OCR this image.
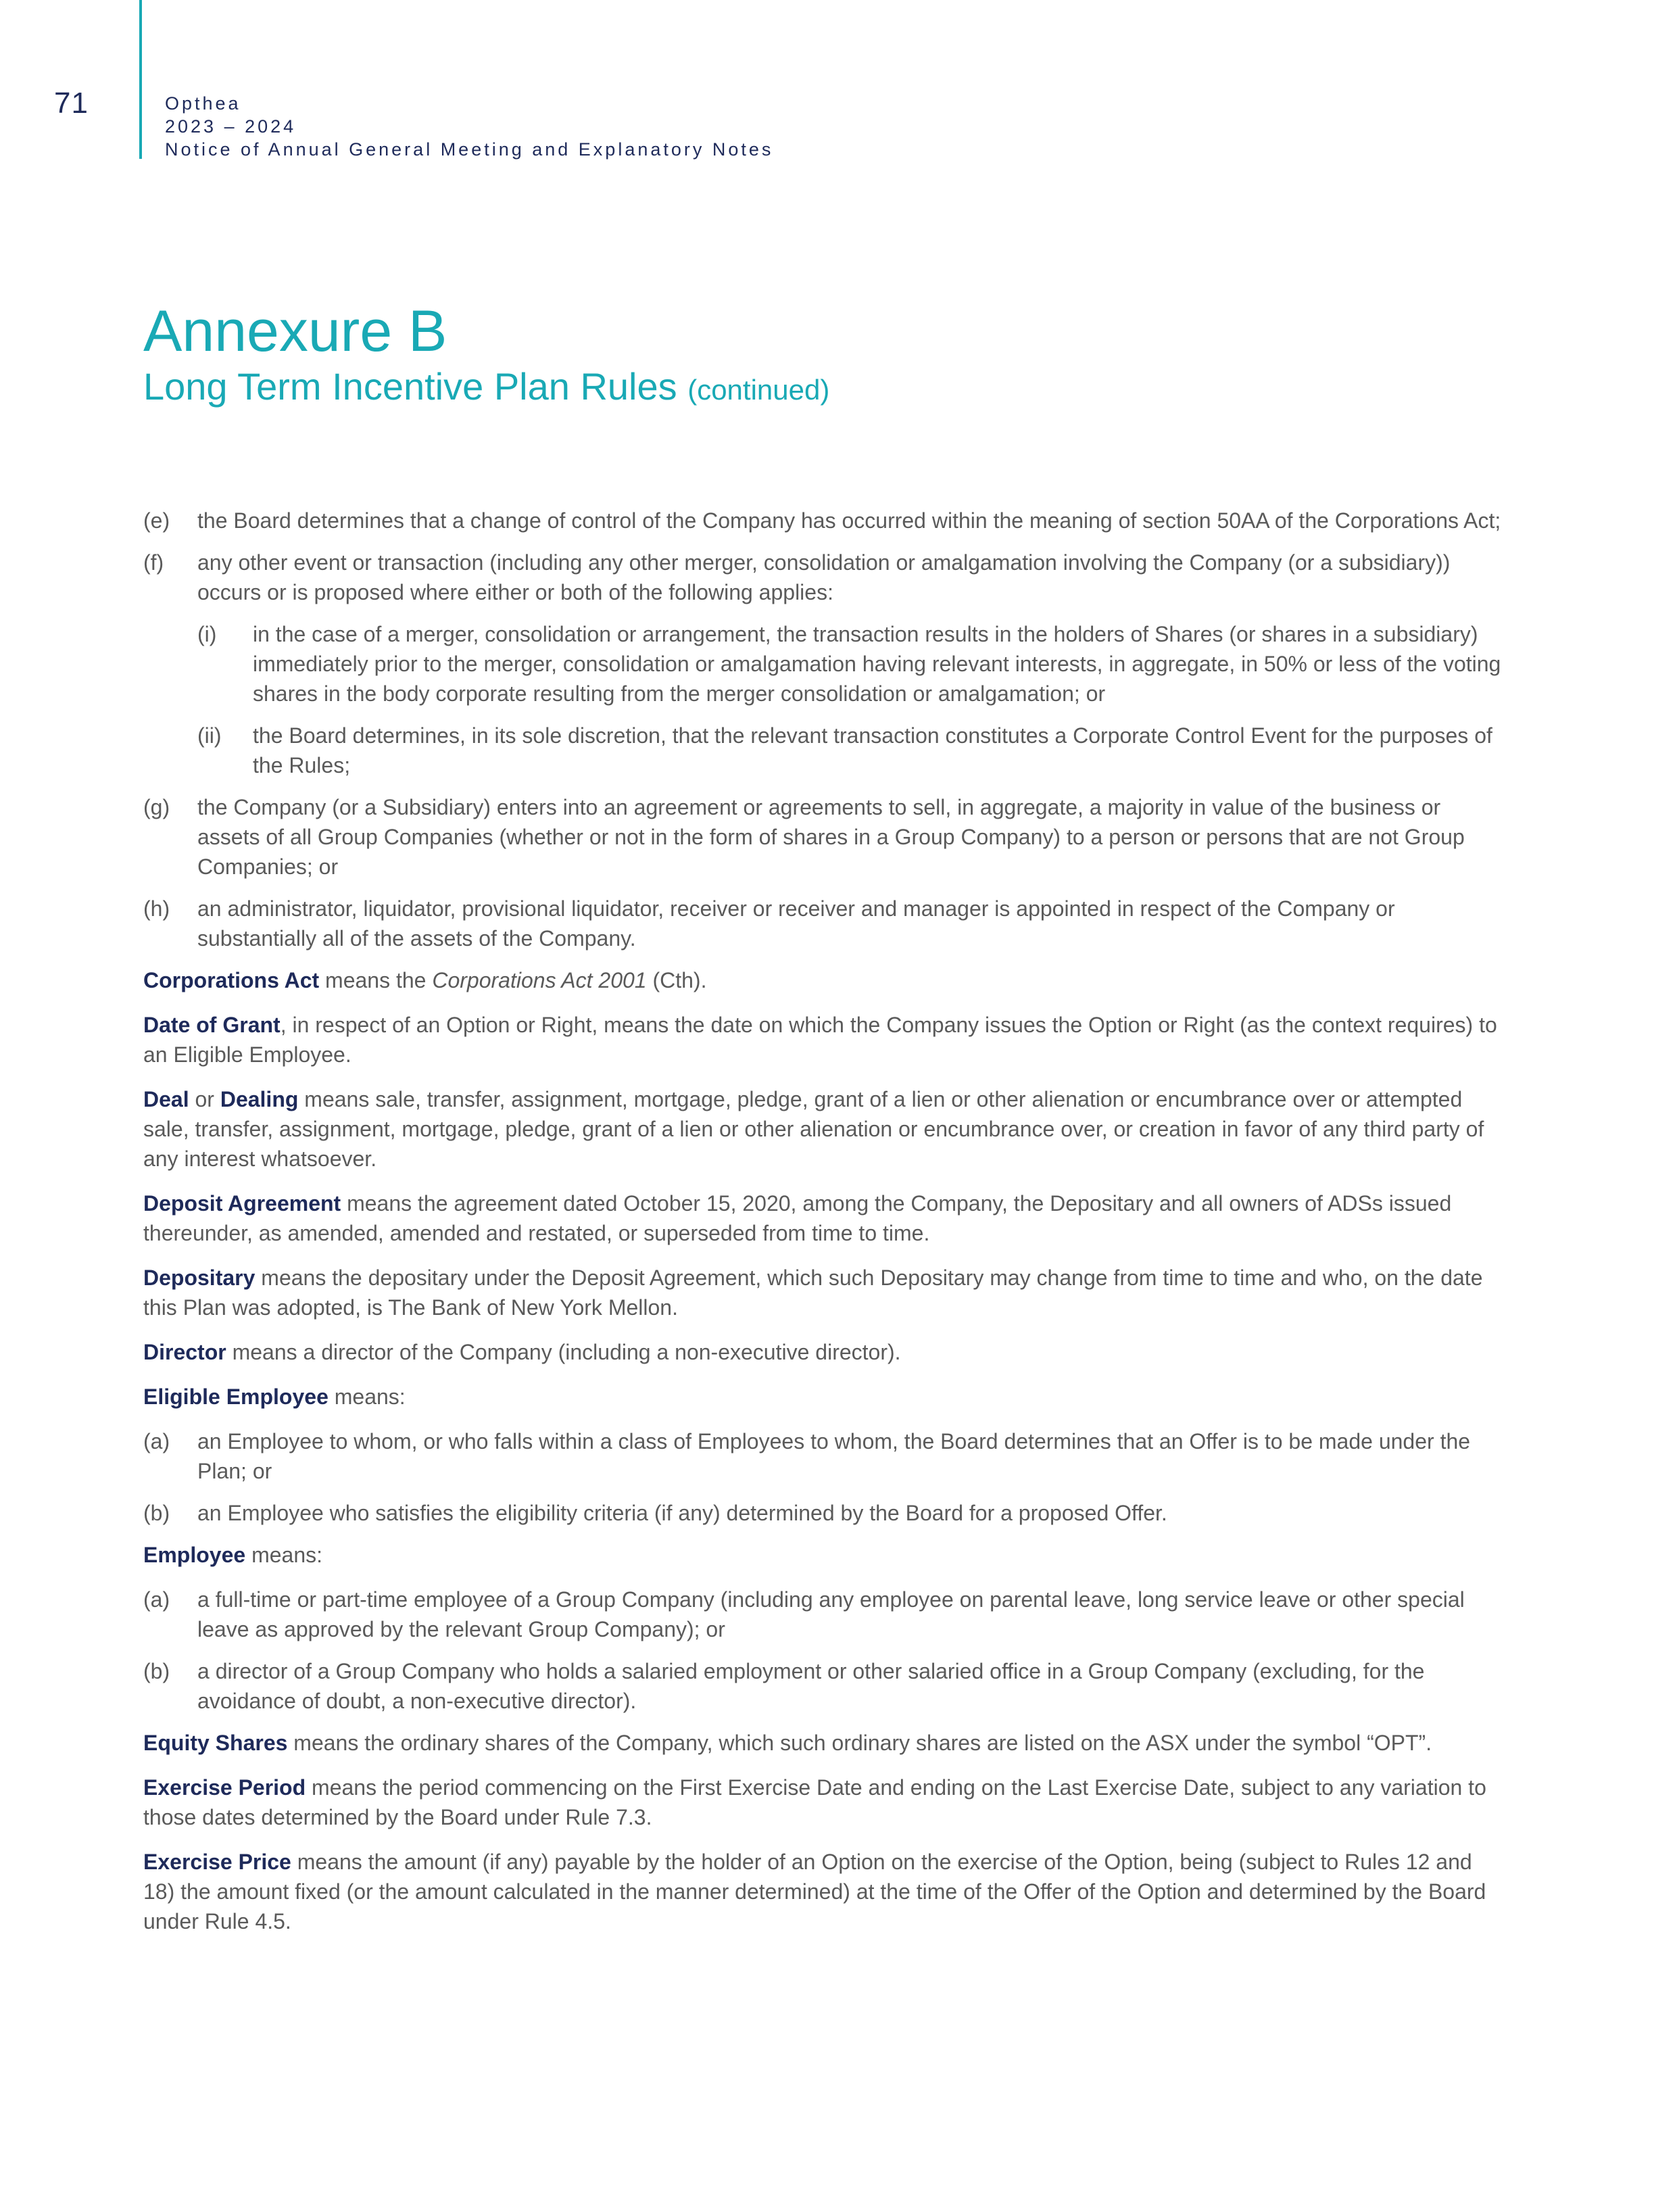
71	Opthea
2023 – 2024
Notice of Annual General Meeting and Explanatory Notes
Annexure B
Long Term Incentive Plan Rules (continued)
(e) the Board determines that a change of control of the Company has occurred within the meaning of section 50AA of the Corporations Act;
(f) any other event or transaction (including any other merger, consolidation or amalgamation involving the Company (or a subsidiary)) occurs or is proposed where either or both of the following applies:
(i) in the case of a merger, consolidation or arrangement, the transaction results in the holders of Shares (or shares in a subsidiary) immediately prior to the merger, consolidation or amalgamation having relevant interests, in aggregate, in 50% or less of the voting shares in the body corporate resulting from the merger consolidation or amalgamation; or
(ii) the Board determines, in its sole discretion, that the relevant transaction constitutes a Corporate Control Event for the purposes of the Rules;
(g) the Company (or a Subsidiary) enters into an agreement or agreements to sell, in aggregate, a majority in value of the business or assets of all Group Companies (whether or not in the form of shares in a Group Company) to a person or persons that are not Group Companies; or
(h) an administrator, liquidator, provisional liquidator, receiver or receiver and manager is appointed in respect of the Company or substantially all of the assets of the Company.
Corporations Act means the Corporations Act 2001 (Cth).
Date of Grant, in respect of an Option or Right, means the date on which the Company issues the Option or Right (as the context requires) to an Eligible Employee.
Deal or Dealing means sale, transfer, assignment, mortgage, pledge, grant of a lien or other alienation or encumbrance over or attempted sale, transfer, assignment, mortgage, pledge, grant of a lien or other alienation or encumbrance over, or creation in favor of any third party of any interest whatsoever.
Deposit Agreement means the agreement dated October 15, 2020, among the Company, the Depositary and all owners of ADSs issued thereunder, as amended, amended and restated, or superseded from time to time.
Depositary means the depositary under the Deposit Agreement, which such Depositary may change from time to time and who, on the date this Plan was adopted, is The Bank of New York Mellon.
Director means a director of the Company (including a non-executive director).
Eligible Employee means:
(a) an Employee to whom, or who falls within a class of Employees to whom, the Board determines that an Offer is to be made under the Plan; or
(b) an Employee who satisfies the eligibility criteria (if any) determined by the Board for a proposed Offer.
Employee means:
(a) a full-time or part-time employee of a Group Company (including any employee on parental leave, long service leave or other special leave as approved by the relevant Group Company); or
(b) a director of a Group Company who holds a salaried employment or other salaried office in a Group Company (excluding, for the avoidance of doubt, a non-executive director).
Equity Shares means the ordinary shares of the Company, which such ordinary shares are listed on the ASX under the symbol “OPT”.
Exercise Period means the period commencing on the First Exercise Date and ending on the Last Exercise Date, subject to any variation to those dates determined by the Board under Rule 7.3.
Exercise Price means the amount (if any) payable by the holder of an Option on the exercise of the Option, being (subject to Rules 12 and 18) the amount fixed (or the amount calculated in the manner determined) at the time of the Offer of the Option and determined by the Board under Rule 4.5.
